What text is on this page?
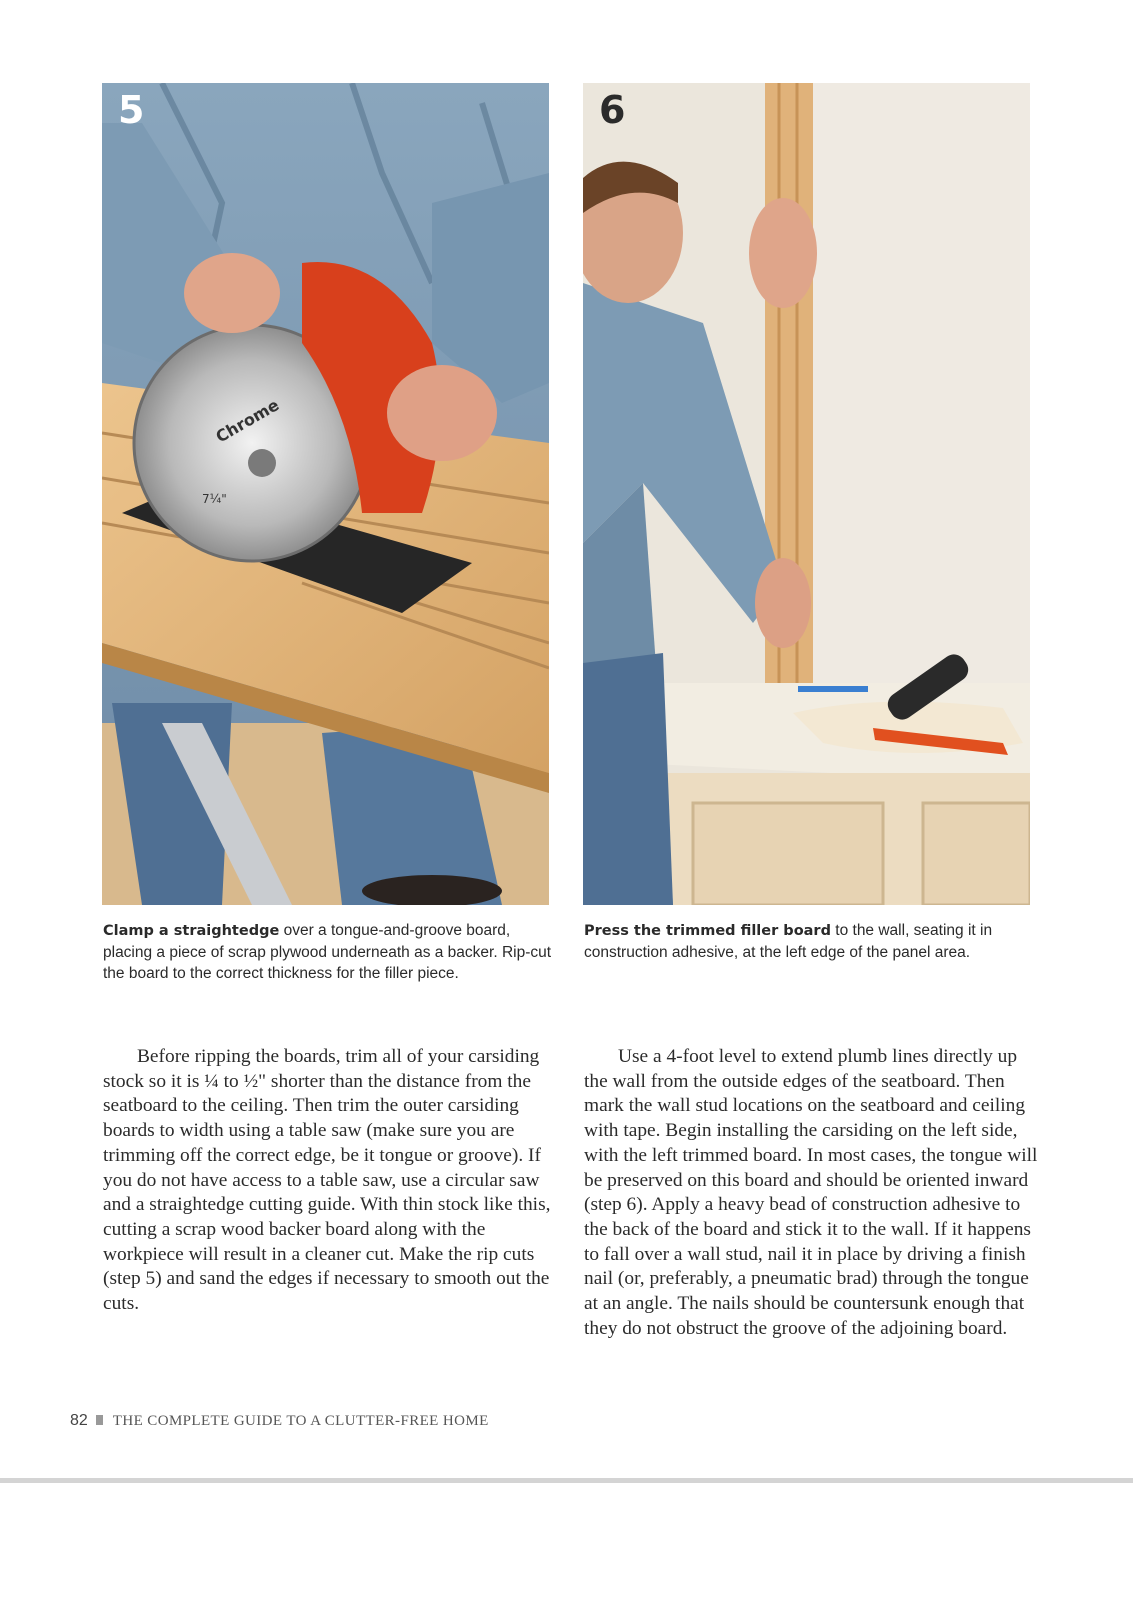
Chrome
7¼"
5	6
Clamp a straightedge over a tongue-and-groove board, placing a piece of scrap plywood underneath as a backer. Rip-cut the board to the correct thickness for the filler piece.
Press the trimmed filler board to the wall, seating it in construction adhesive, at the left edge of the panel area.

Before ripping the boards, trim all of your carsiding stock so it is ¼ to ½" shorter than the distance from the seatboard to the ceiling. Then trim the outer carsiding boards to width using a table saw (make sure you are trimming off the correct edge, be it tongue or groove). If you do not have access to a table saw, use a circular saw and a straightedge cutting guide. With thin stock like this, cutting a scrap wood backer board along with the workpiece will result in a cleaner cut. Make the rip cuts (step 5) and sand the edges if necessary to smooth out the cuts.

Use a 4-foot level to extend plumb lines directly up the wall from the outside edges of the seatboard. Then mark the wall stud locations on the seatboard and ceiling with tape. Begin installing the carsiding on the left side, with the left trimmed board. In most cases, the tongue will be preserved on this board and should be oriented inward (step 6). Apply a heavy bead of construction adhesive to the back of the board and stick it to the wall. If it happens to fall over a wall stud, nail it in place by driving a finish nail (or, preferably, a pneumatic brad) through the tongue at an angle. The nails should be countersunk enough that they do not obstruct the groove of the adjoining board.

82 THE COMPLETE GUIDE TO A CLUTTER-FREE HOME
